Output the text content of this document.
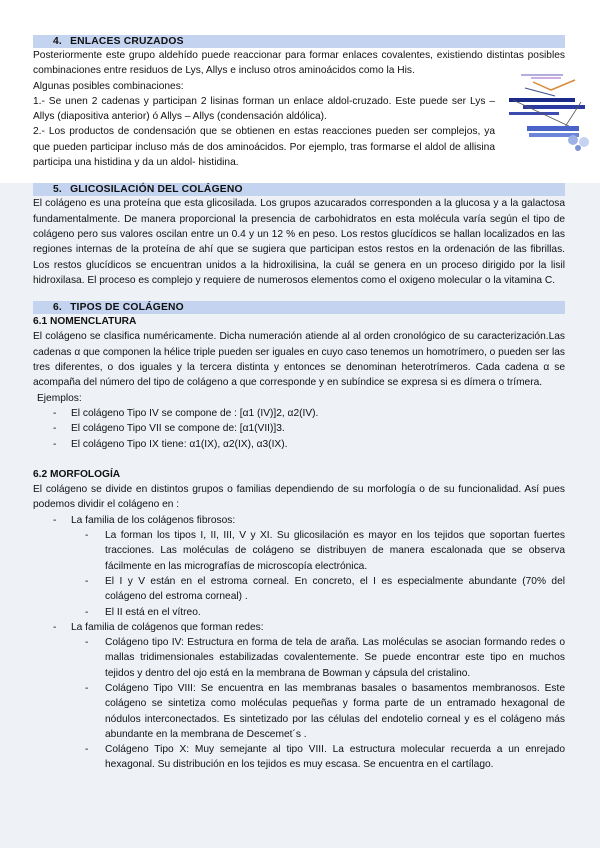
4. ENLACES CRUZADOS

Posteriormente este grupo aldehído puede reaccionar para formar enlaces covalentes, existiendo distintas posibles combinaciones entre residuos de Lys, Allys e incluso otros aminoácidos como la His.

Algunas posibles combinaciones:

1.- Se unen 2 cadenas y participan 2 lisinas forman un enlace aldol-cruzado. Este puede ser Lys –Allys (diapositiva anterior) ó Allys – Allys (condensación aldólica).

2.- Los productos de condensación que se obtienen en estas reacciones pueden ser complejos, ya que pueden participar incluso más de dos aminoácidos. Por ejemplo, tras formarse el aldol de allisina participa una histidina y da un aldol- histidina.

5. GLICOSILACIÓN DEL COLÁGENO

El colágeno es una proteína que esta glicosilada. Los grupos azucarados corresponden a la glucosa y a la galactosa fundamentalmente. De manera proporcional la presencia de carbohidratos en esta molécula varía según el tipo de colágeno pero sus valores oscilan entre un 0.4 y un 12 % en peso. Los restos glucídicos se hallan localizados en las regiones internas de la proteína de ahí que se sugiera que participan estos restos en la ordenación de las fibrillas. Los restos glucídicos se encuentran unidos a la hidroxilisina, la cuál se genera en un proceso dirigido por la lisil hidroxilasa. El proceso es complejo y requiere de numerosos elementos como el oxigeno molecular o la vitamina C.

6. TIPOS DE COLÁGENO

6.1 NOMENCLATURA

El colágeno se clasifica numéricamente. Dicha numeración atiende al al orden cronológico de su caracterización.Las cadenas α que componen la hélice triple pueden ser iguales en cuyo caso tenemos un homotrímero, o pueden ser las tres diferentes, o dos iguales y la tercera distinta y entonces se denominan heterotrímeros. Cada cadena α se acompaña del número del tipo de colágeno a que corresponde y en subíndice se expresa si es dímera o trímera.

Ejemplos:

- El colágeno Tipo IV se compone de : [α1 (IV)]2, α2(IV).
- El colágeno Tipo VII se compone de: [α1(VII)]3.
- El colágeno Tipo IX tiene: α1(IX), α2(IX), α3(IX).

6.2 MORFOLOGÍA

El colágeno se divide en distintos grupos o familias dependiendo de su morfología o de su funcionalidad. Así pues podemos dividir el colágeno en :

- La familia de los colágenos fibrosos:
- La forman los tipos I, II, III, V y XI. Su glicosilación es mayor en los tejidos que soportan fuertes tracciones. Las moléculas de colágeno se distribuyen de manera escalonada que se observa fácilmente en las micrografías de microscopía electrónica.
- El I y V están en el estroma corneal. En concreto, el I es especialmente abundante (70% del colágeno del estroma corneal) .
- El II está en el vítreo.
- La familia de colágenos que forman redes:
- Colágeno tipo IV: Estructura en forma de tela de araña. Las moléculas se asocian formando redes o mallas tridimensionales estabilizadas covalentemente. Se puede encontrar este tipo en muchos tejidos y dentro del ojo está en la membrana de Bowman y cápsula del cristalino.
- Colágeno Tipo VIII: Se encuentra en las membranas basales o basamentos membranosos. Este colágeno se sintetiza como moléculas pequeñas y forma parte de un entramado hexagonal de nódulos interconectados. Es sintetizado por las células del endotelio corneal y es el colágeno más abundante en la membrana de Descemet´s .
- Colágeno Tipo X: Muy semejante al tipo VIII. La estructura molecular recuerda a un enrejado hexagonal. Su distribución en los tejidos es muy escasa. Se encuentra en el cartílago.
